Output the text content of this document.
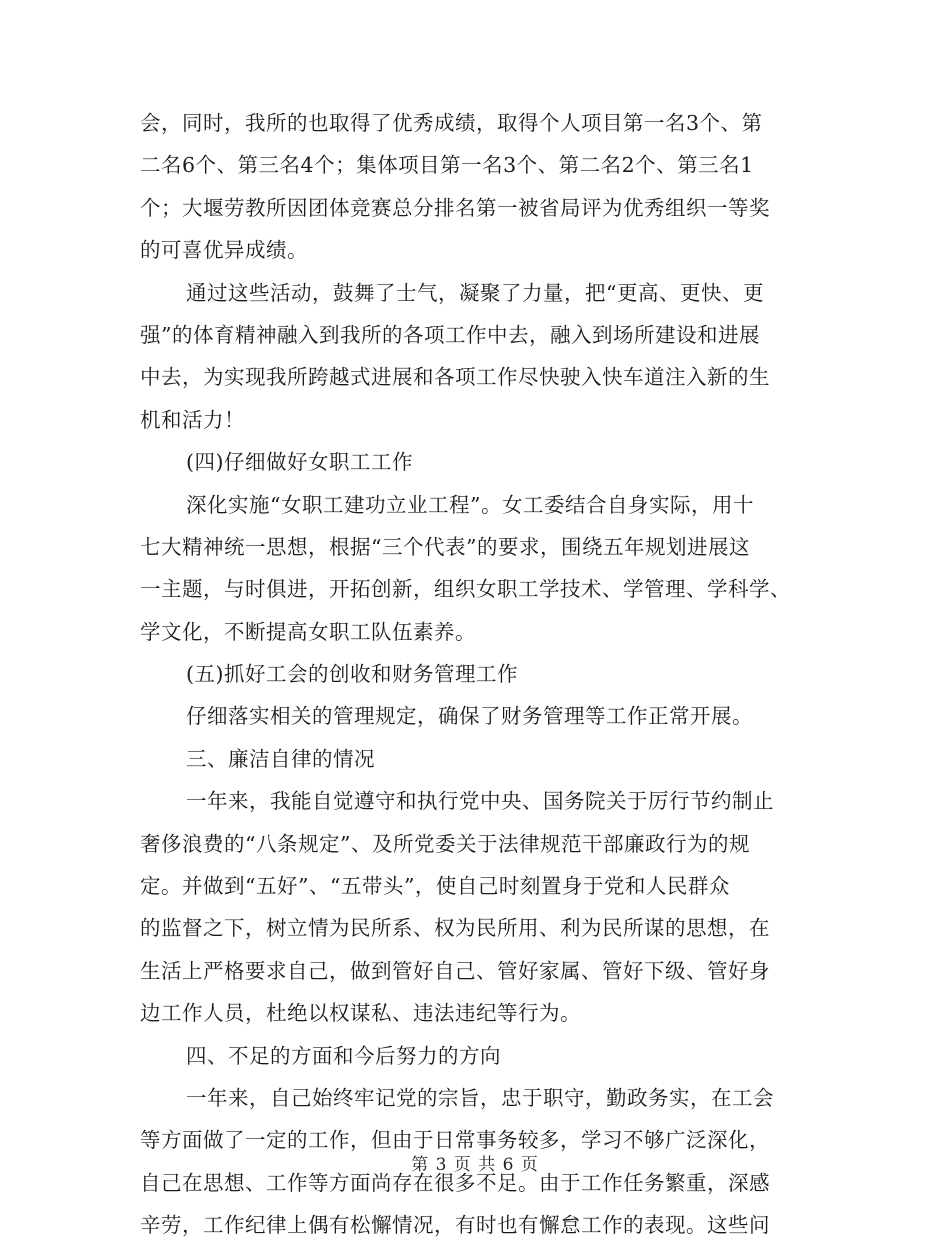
会，同时，我所的也取得了优秀成绩，取得个人项目第一名3个、第
二名6个、第三名4个；集体项目第一名3个、第二名2个、第三名1
个；大堰劳教所因团体竞赛总分排名第一被省局评为优秀组织一等奖
的可喜优异成绩。
通过这些活动，鼓舞了士气，凝聚了力量，把“更高、更快、更
强”的体育精神融入到我所的各项工作中去，融入到场所建设和进展
中去，为实现我所跨越式进展和各项工作尽快驶入快车道注入新的生
机和活力！
(四)仔细做好女职工工作
深化实施“女职工建功立业工程”。女工委结合自身实际，用十
七大精神统一思想，根据“三个代表”的要求，围绕五年规划进展这
一主题，与时俱进，开拓创新，组织女职工学技术、学管理、学科学、
学文化，不断提高女职工队伍素养。
(五)抓好工会的创收和财务管理工作
仔细落实相关的管理规定，确保了财务管理等工作正常开展。
三、廉洁自律的情况
一年来，我能自觉遵守和执行党中央、国务院关于厉行节约制止
奢侈浪费的“八条规定”、及所党委关于法律规范干部廉政行为的规
定。并做到“五好”、“五带头”，使自己时刻置身于党和人民群众
的监督之下，树立情为民所系、权为民所用、利为民所谋的思想，在
生活上严格要求自己，做到管好自己、管好家属、管好下级、管好身
边工作人员，杜绝以权谋私、违法违纪等行为。
四、不足的方面和今后努力的方向
一年来，自己始终牢记党的宗旨，忠于职守，勤政务实，在工会
等方面做了一定的工作，但由于日常事务较多，学习不够广泛深化，
自己在思想、工作等方面尚存在很多不足。由于工作任务繁重，深感
辛劳，工作纪律上偶有松懈情况，有时也有懈怠工作的表现。这些问
第 3 页 共 6 页
